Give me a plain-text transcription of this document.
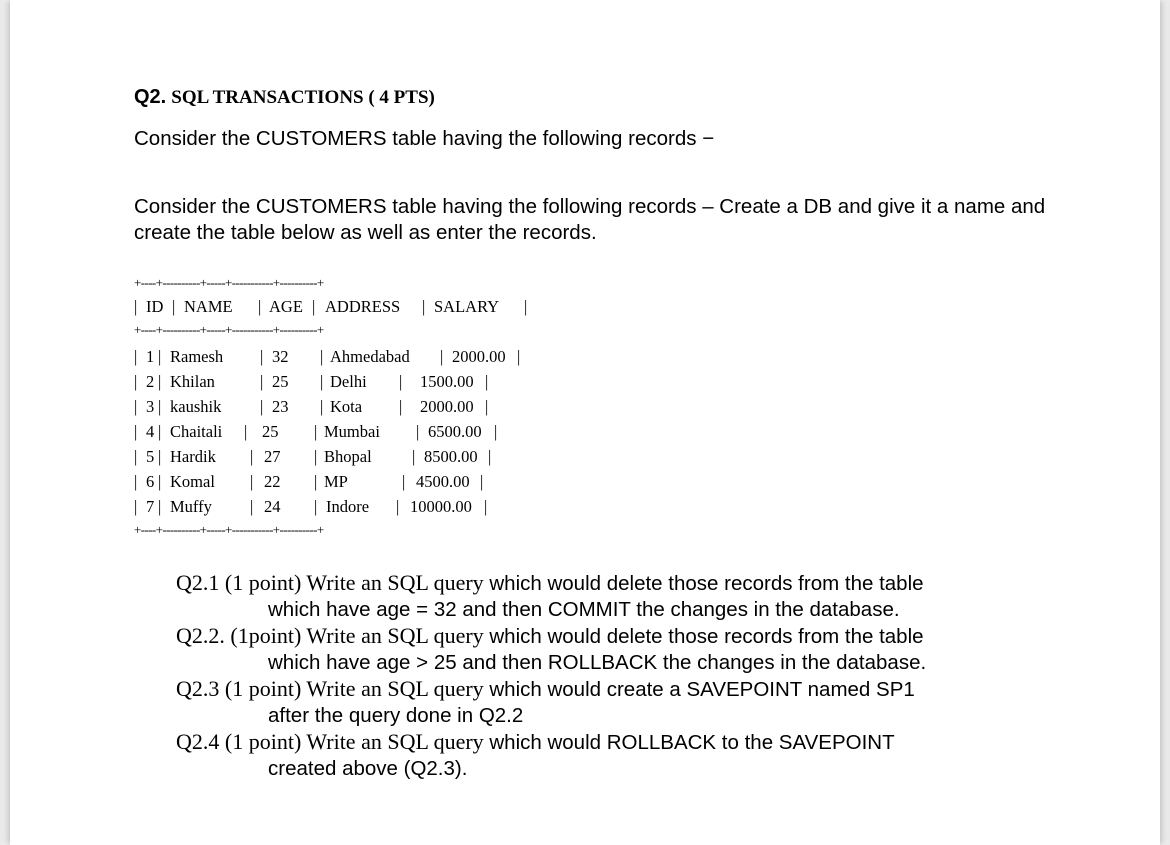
Q2. SQL TRANSACTIONS ( 4 PTS)
Consider the CUSTOMERS table having the following records −
Consider the CUSTOMERS table having the following records – Create a DB and give it a name and create the table below as well as enter the records.
+----+----------+-----+-----------+----------+

|

ID

|

NAME

|

AGE

|

ADDRESS

|

SALARY

|

+----+----------+-----+-----------+----------+

|

1

|

Ramesh

|

32

|

Ahmedabad

|

2000.00

|

|

2

|

Khilan

	|

25

|

Delhi

|

1500.00

|

|

3

|

kaushik

|

23

|

Kota

|

2000.00

|

|

4

|

Chaitali

|

25

|

Mumbai

|

6500.00

|

|

5

|

Hardik

|

27

|

Bhopal

|

8500.00

|

|

6

|

Komal

|

22

|

MP

	|

4500.00

|

|

7

|

Muffy

|

24

|

Indore

|

10000.00

|

+----+----------+-----+-----------+----------+
Q2.1 (1 point) Write an SQL query which would delete those records from the table
which have age = 32 and then COMMIT the changes in the database.
Q2.2. (1point) Write an SQL query which would delete those records from the table
which have age > 25 and then ROLLBACK the changes in the database.
Q2.3 (1 point) Write an SQL query which would create a SAVEPOINT named SP1
after the query done in Q2.2
Q2.4 (1 point) Write an SQL query which would ROLLBACK to the SAVEPOINT
created above (Q2.3).
